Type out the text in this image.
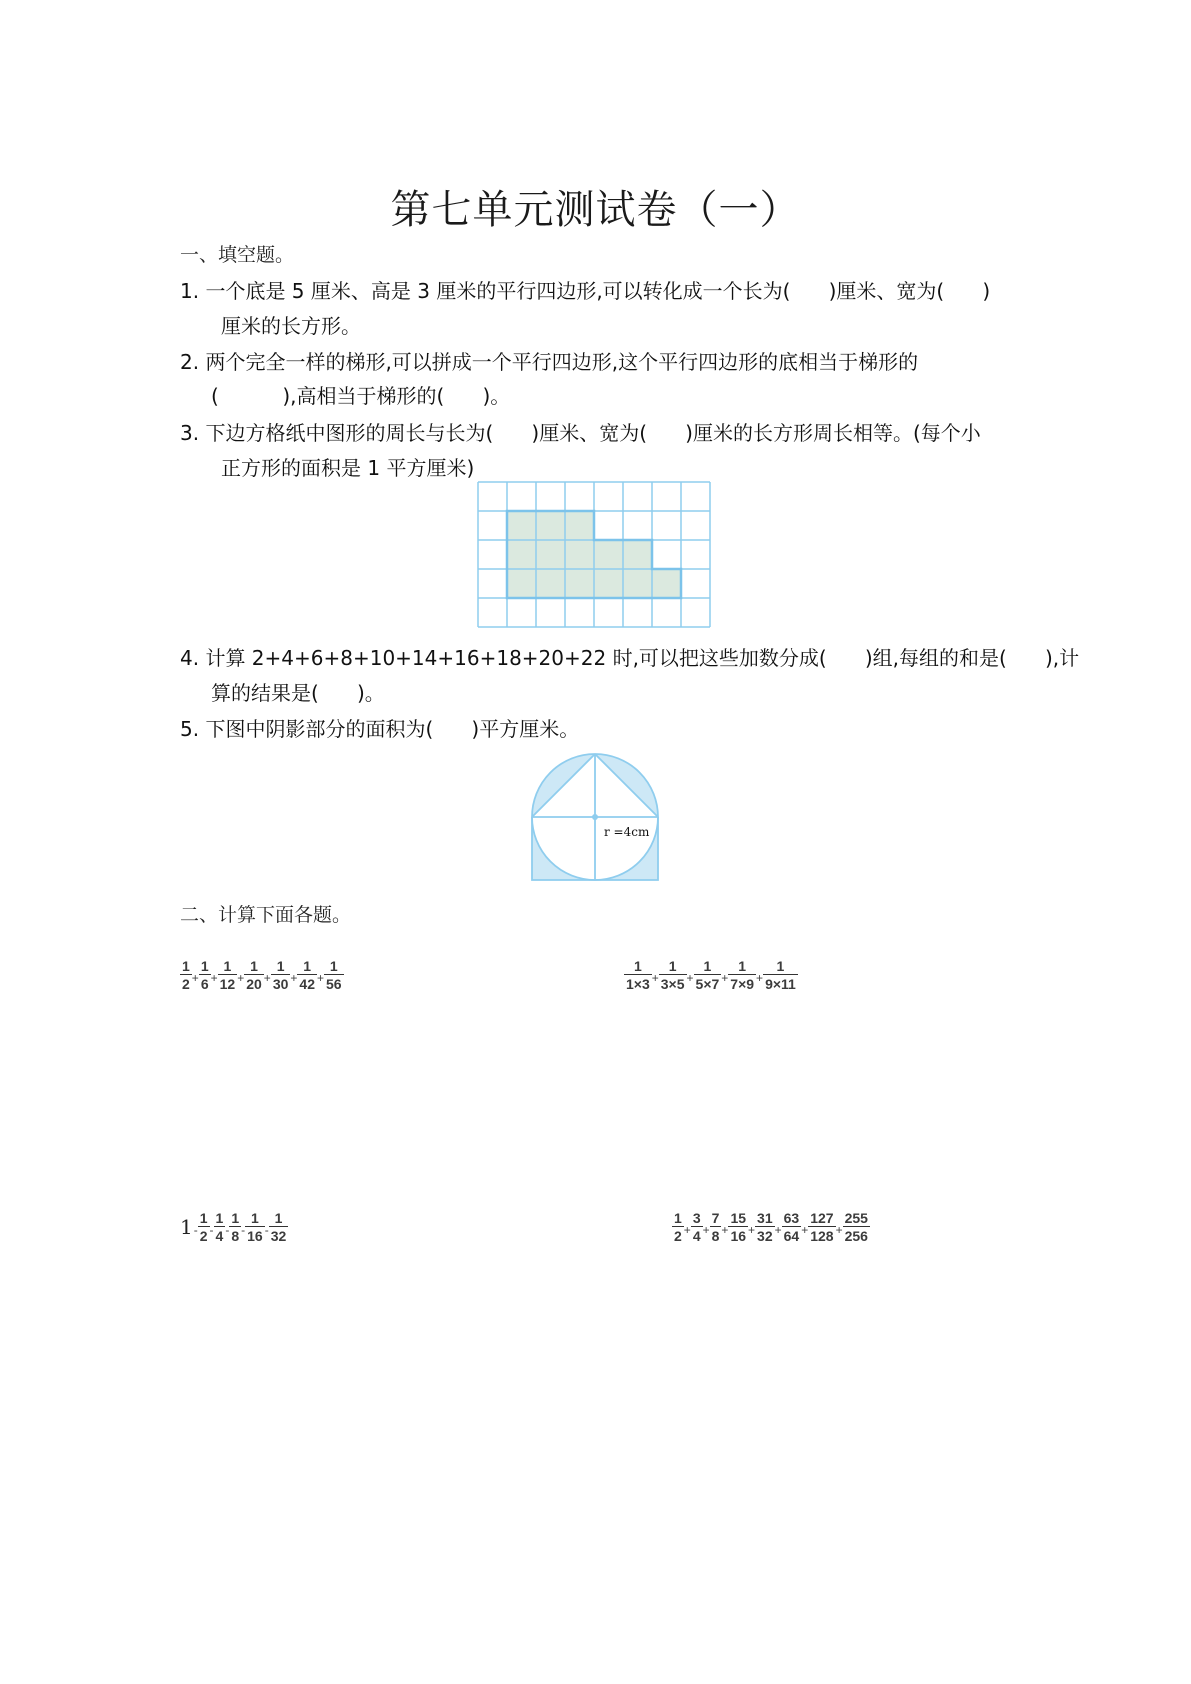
第七单元测试卷（一）
一、填空题。
1. 一个底是 5 厘米、高是 3 厘米的平行四边形,可以转化成一个长为(      )厘米、宽为(      )
厘米的长方形。
2. 两个完全一样的梯形,可以拼成一个平行四边形,这个平行四边形的底相当于梯形的
(          ),高相当于梯形的(      )。
3. 下边方格纸中图形的周长与长为(      )厘米、宽为(      )厘米的长方形周长相等。(每个小
正方形的面积是 1 平方厘米)
4. 计算 2+4+6+8+10+14+16+18+20+22 时,可以把这些加数分成(      )组,每组的和是(      ),计
算的结果是(      )。
5. 下图中阴影部分的面积为(      )平方厘米。
r =4cm
二、计算下面各题。
$\frac{1}{2} + \frac{1}{6} + \frac{1}{12} + \frac{1}{20} + \frac{1}{30} + \frac{1}{42} + \frac{1}{56}$	$\frac{1}{1\times 3} + \frac{1}{3\times 5} + \frac{1}{5\times 7} + \frac{1}{7\times 9} + \frac{1}{9\times 11}$
$1 - \frac{1}{2} - \frac{1}{4} - \frac{1}{8} - \frac{1}{16} - \frac{1}{32}$	$\frac{1}{2} + \frac{3}{4} + \frac{7}{8} + \frac{15}{16} + \frac{31}{32} + \frac{63}{64} + \frac{127}{128} + \frac{255}{256}$
